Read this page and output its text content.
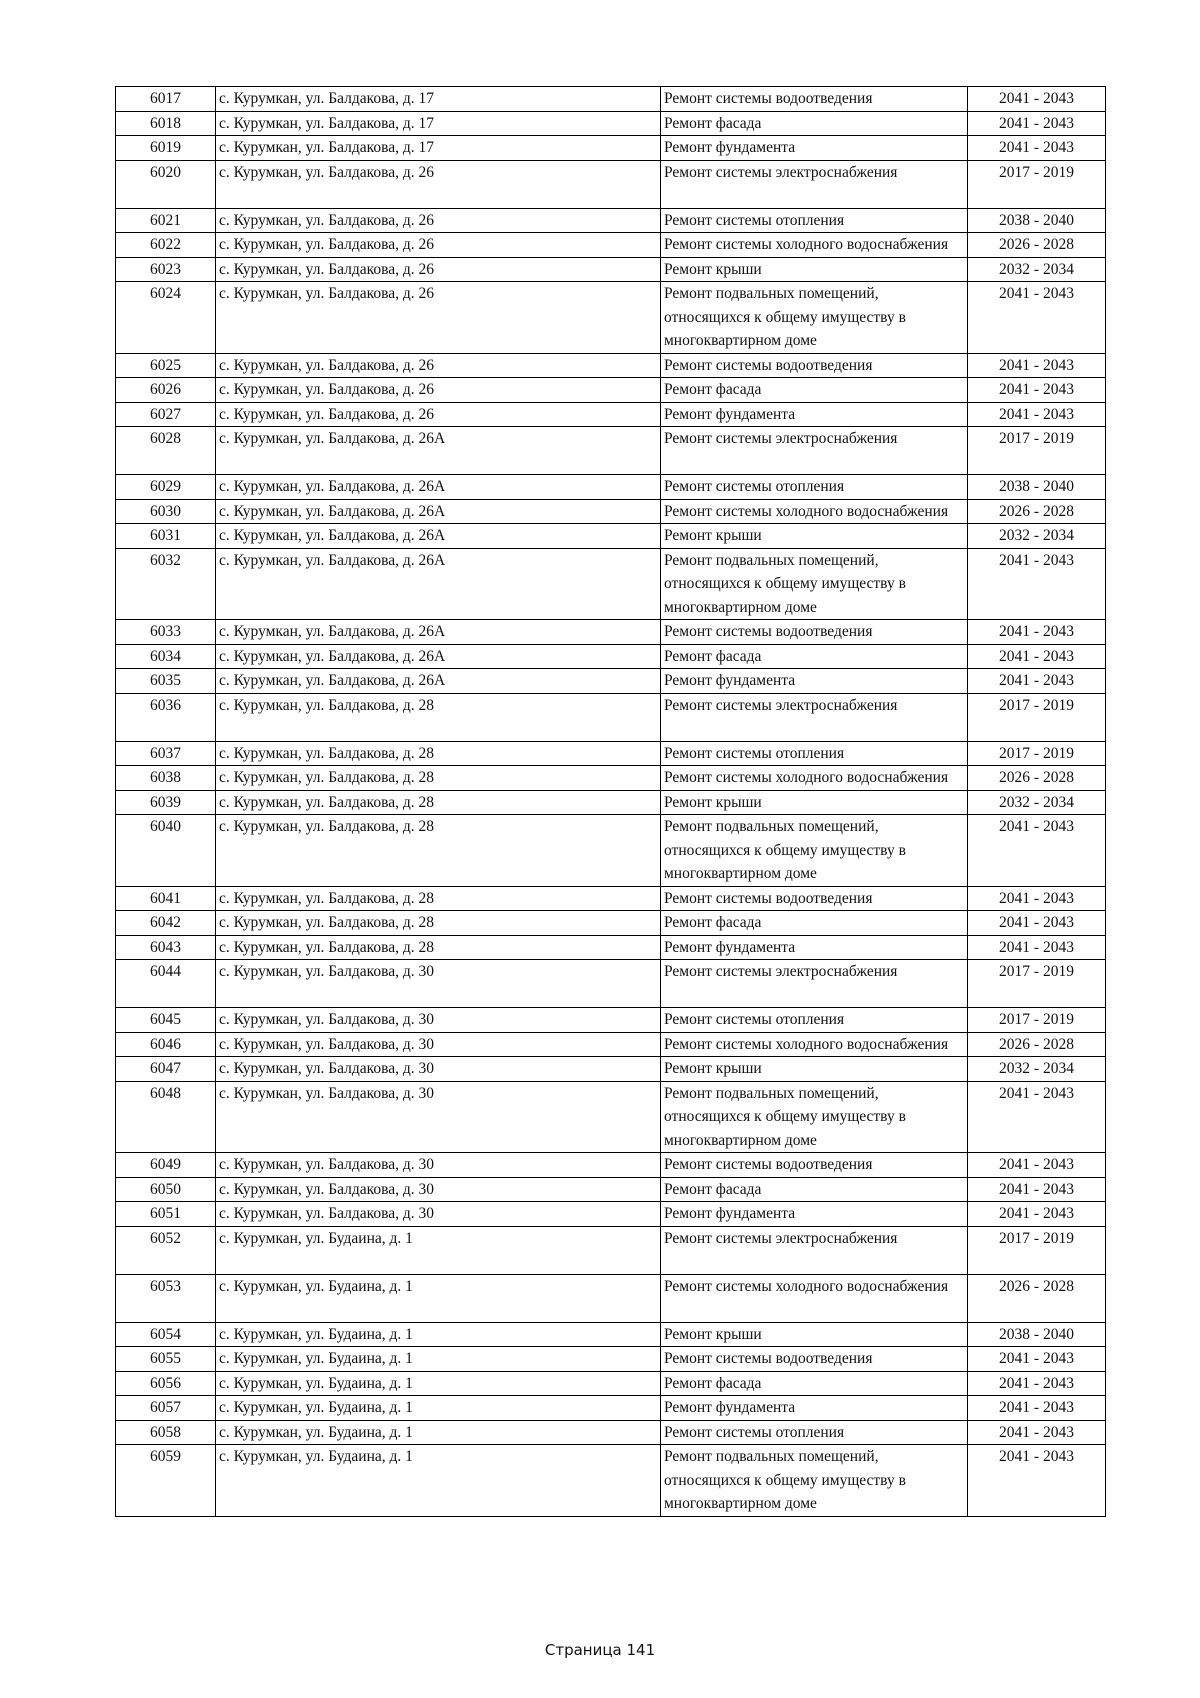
6017	с. Курумкан, ул. Балдакова, д. 17	Ремонт системы водоотведения	2041 - 2043
6018	с. Курумкан, ул. Балдакова, д. 17	Ремонт фасада	2041 - 2043
6019	с. Курумкан, ул. Балдакова, д. 17	Ремонт фундамента	2041 - 2043
6020	с. Курумкан, ул. Балдакова, д. 26	Ремонт системы электроснабжения	2017 - 2019
6021	с. Курумкан, ул. Балдакова, д. 26	Ремонт системы отопления	2038 - 2040
6022	с. Курумкан, ул. Балдакова, д. 26	Ремонт системы холодного водоснабжения	2026 - 2028
6023	с. Курумкан, ул. Балдакова, д. 26	Ремонт крыши	2032 - 2034
6024	с. Курумкан, ул. Балдакова, д. 26	Ремонт подвальных помещений, относящихся к общему имуществу в многоквартирном доме	2041 - 2043
6025	с. Курумкан, ул. Балдакова, д. 26	Ремонт системы водоотведения	2041 - 2043
6026	с. Курумкан, ул. Балдакова, д. 26	Ремонт фасада	2041 - 2043
6027	с. Курумкан, ул. Балдакова, д. 26	Ремонт фундамента	2041 - 2043
6028	с. Курумкан, ул. Балдакова, д. 26А	Ремонт системы электроснабжения	2017 - 2019
6029	с. Курумкан, ул. Балдакова, д. 26А	Ремонт системы отопления	2038 - 2040
6030	с. Курумкан, ул. Балдакова, д. 26А	Ремонт системы холодного водоснабжения	2026 - 2028
6031	с. Курумкан, ул. Балдакова, д. 26А	Ремонт крыши	2032 - 2034
6032	с. Курумкан, ул. Балдакова, д. 26А	Ремонт подвальных помещений, относящихся к общему имуществу в многоквартирном доме	2041 - 2043
6033	с. Курумкан, ул. Балдакова, д. 26А	Ремонт системы водоотведения	2041 - 2043
6034	с. Курумкан, ул. Балдакова, д. 26А	Ремонт фасада	2041 - 2043
6035	с. Курумкан, ул. Балдакова, д. 26А	Ремонт фундамента	2041 - 2043
6036	с. Курумкан, ул. Балдакова, д. 28	Ремонт системы электроснабжения	2017 - 2019
6037	с. Курумкан, ул. Балдакова, д. 28	Ремонт системы отопления	2017 - 2019
6038	с. Курумкан, ул. Балдакова, д. 28	Ремонт системы холодного водоснабжения	2026 - 2028
6039	с. Курумкан, ул. Балдакова, д. 28	Ремонт крыши	2032 - 2034
6040	с. Курумкан, ул. Балдакова, д. 28	Ремонт подвальных помещений, относящихся к общему имуществу в многоквартирном доме	2041 - 2043
6041	с. Курумкан, ул. Балдакова, д. 28	Ремонт системы водоотведения	2041 - 2043
6042	с. Курумкан, ул. Балдакова, д. 28	Ремонт фасада	2041 - 2043
6043	с. Курумкан, ул. Балдакова, д. 28	Ремонт фундамента	2041 - 2043
6044	с. Курумкан, ул. Балдакова, д. 30	Ремонт системы электроснабжения	2017 - 2019
6045	с. Курумкан, ул. Балдакова, д. 30	Ремонт системы отопления	2017 - 2019
6046	с. Курумкан, ул. Балдакова, д. 30	Ремонт системы холодного водоснабжения	2026 - 2028
6047	с. Курумкан, ул. Балдакова, д. 30	Ремонт крыши	2032 - 2034
6048	с. Курумкан, ул. Балдакова, д. 30	Ремонт подвальных помещений, относящихся к общему имуществу в многоквартирном доме	2041 - 2043
6049	с. Курумкан, ул. Балдакова, д. 30	Ремонт системы водоотведения	2041 - 2043
6050	с. Курумкан, ул. Балдакова, д. 30	Ремонт фасада	2041 - 2043
6051	с. Курумкан, ул. Балдакова, д. 30	Ремонт фундамента	2041 - 2043
6052	с. Курумкан, ул. Будаина, д. 1	Ремонт системы электроснабжения	2017 - 2019
6053	с. Курумкан, ул. Будаина, д. 1	Ремонт системы холодного водоснабжения	2026 - 2028
6054	с. Курумкан, ул. Будаина, д. 1	Ремонт крыши	2038 - 2040
6055	с. Курумкан, ул. Будаина, д. 1	Ремонт системы водоотведения	2041 - 2043
6056	с. Курумкан, ул. Будаина, д. 1	Ремонт фасада	2041 - 2043
6057	с. Курумкан, ул. Будаина, д. 1	Ремонт фундамента	2041 - 2043
6058	с. Курумкан, ул. Будаина, д. 1	Ремонт системы отопления	2041 - 2043
6059	с. Курумкан, ул. Будаина, д. 1	Ремонт подвальных помещений, относящихся к общему имуществу в многоквартирном доме	2041 - 2043
Страница 141
